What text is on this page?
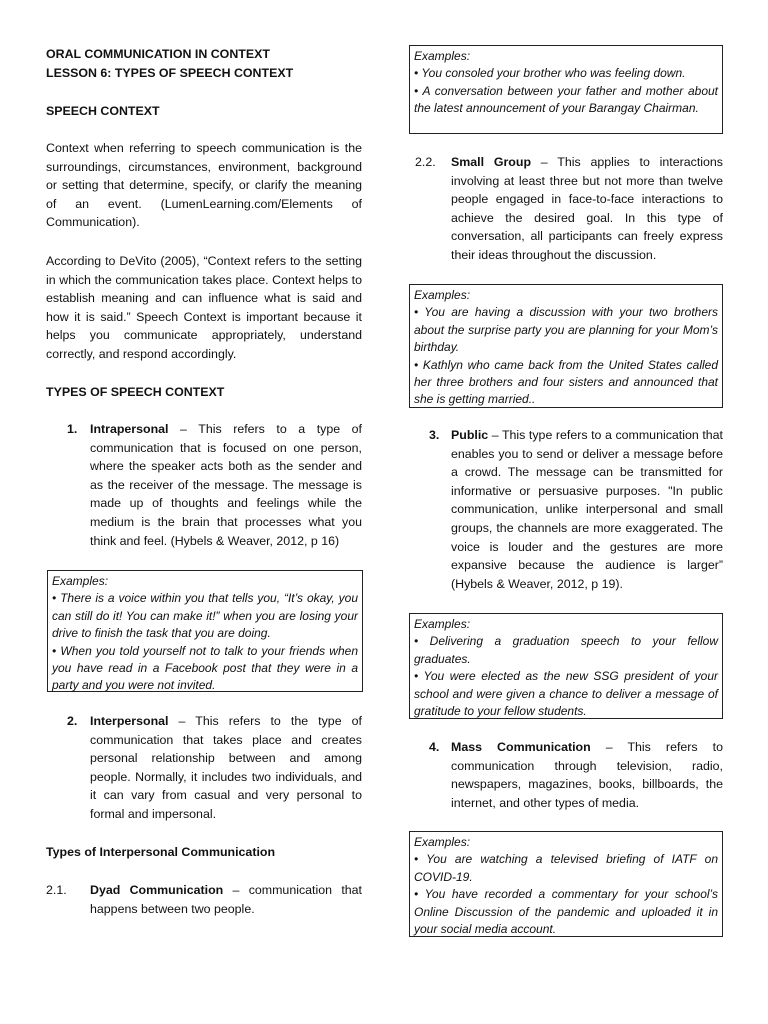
ORAL COMMUNICATION IN CONTEXT
LESSON 6: TYPES OF SPEECH CONTEXT
SPEECH CONTEXT
Context when referring to speech communication is the surroundings, circumstances, environment, background or setting that determine, specify, or clarify the meaning of an event. (LumenLearning.com/Elements of Communication).
According to DeVito (2005), “Context refers to the setting in which the communication takes place. Context helps to establish meaning and can influence what is said and how it is said.” Speech Context is important because it helps you communicate appropriately, understand correctly, and respond accordingly.
TYPES OF SPEECH CONTEXT
1. Intrapersonal – This refers to a type of communication that is focused on one person, where the speaker acts both as the sender and as the receiver of the message. The message is made up of thoughts and feelings while the medium is the brain that processes what you think and feel. (Hybels & Weaver, 2012, p 16)

Examples:

• There is a voice within you that tells you, “It’s okay, you can still do it! You can make it!” when you are losing your drive to finish the task that you are doing.

• When you told yourself not to talk to your friends when you have read in a Facebook post that they were in a party and you were not invited.

2. Interpersonal – This refers to the type of communication that takes place and creates personal relationship between and among people. Normally, it includes two individuals, and it can vary from casual and very personal to formal and impersonal.
Types of Interpersonal Communication
2.1. Dyad Communication – communication that happens between two people.

Examples:

• You consoled your brother who was feeling down.

• A conversation between your father and mother about the latest announcement of your Barangay Chairman.

2.2. Small Group – This applies to interactions involving at least three but not more than twelve people engaged in face-to-face interactions to achieve the desired goal. In this type of conversation, all participants can freely express their ideas throughout the discussion.

Examples:

• You are having a discussion with your two brothers about the surprise party you are planning for your Mom’s birthday.

• Kathlyn who came back from the United States called her three brothers and four sisters and announced that she is getting married..

3. Public – This type refers to a communication that enables you to send or deliver a message before a crowd. The message can be transmitted for informative or persuasive purposes. "In public communication, unlike interpersonal and small groups, the channels are more exaggerated. The voice is louder and the gestures are more expansive because the audience is larger” (Hybels & Weaver, 2012, p 19).

Examples:

• Delivering a graduation speech to your fellow graduates.

• You were elected as the new SSG president of your school and were given a chance to deliver a message of gratitude to your fellow students.

4. Mass Communication – This refers to communication through television, radio, newspapers, magazines, books, billboards, the internet, and other types of media.

Examples:

• You are watching a televised briefing of IATF on COVID-19.

• You have recorded a commentary for your school’s Online Discussion of the pandemic and uploaded it in your social media account.
